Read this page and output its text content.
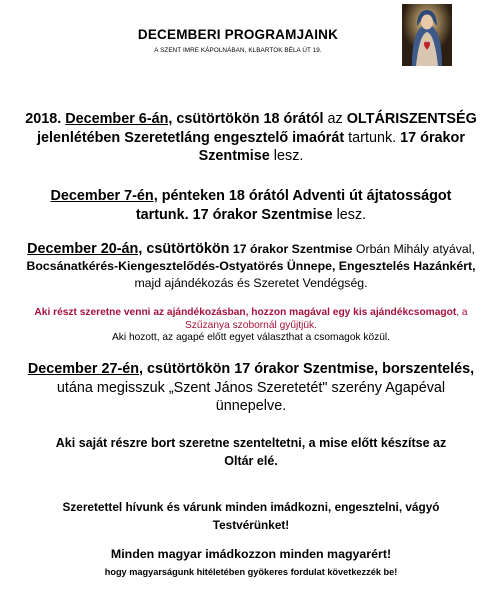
DECEMBERI PROGRAMJAINK
A SZENT IMRE KÁPOLNÁBAN, KLBARTOK BÉLA ÚT 19.
2018. December 6-án, csütörtökön 18 órától az OLTÁRISZENTSÉG jelenlétében Szeretetláng engesztelő imaórát tartunk. 17 órakor Szentmise lesz.
December 7-én, pénteken 18 órától Adventi út ájtatosságot tartunk. 17 órakor Szentmise lesz.
December 20-án, csütörtökön 17 órakor Szentmise Orbán Mihály atyával, Bocsánatkérés-Kiengesztelődés-Ostyatörés Ünnepe, Engesztelés Hazánkért, majd ajándékozás és Szeretet Vendégség.
Aki részt szeretne venni az ajándékozásban, hozzon magával egy kis ajándékcsomagot, a Szűzanya szobornál gyűjtjük.
Aki hozott, az agapé előtt egyet választhat a csomagok közül.
December 27-én, csütörtökön 17 órakor Szentmise, borszentelés, utána megisszuk „Szent János Szeretetét" szerény Agapéval ünnepelve.
Aki saját részre bort szeretne szenteltetni, a mise előtt készítse az Oltár elé.
Szeretettel hívunk és várunk minden imádkozni, engesztelni, vágyó Testvérünket!
Minden magyar imádkozzon minden magyarért!
hogy magyarságunk hitéletében gyökeres fordulat következzék be!
